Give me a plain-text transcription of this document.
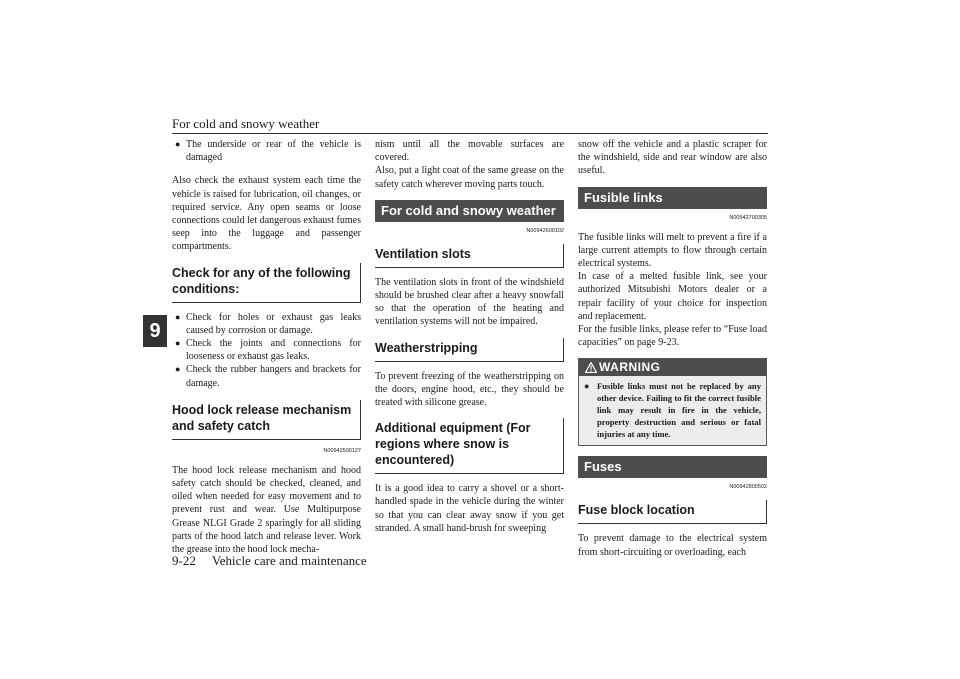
For cold and snowy weather
9
● The underside or rear of the vehicle is damaged

Also check the exhaust system each time the vehicle is raised for lubrication, oil changes, or required service. Any open seams or loose connections could let dangerous exhaust fumes seep into the luggage and passenger compartments.

Check for any of the following conditions:
● Check for holes or exhaust gas leaks caused by corrosion or damage.
● Check the joints and connections for looseness or exhaust gas leaks.
● Check the rubber hangers and brackets for damage.
Hood lock release mechanism and safety catch
N00942500127

The hood lock release mechanism and hood safety catch should be checked, cleaned, and oiled when needed for easy movement and to prevent rust and wear. Use Multipurpose Grease NLGI Grade 2 sparingly for all sliding parts of the hood latch and release lever. Work the grease into the hood lock mecha-

nism until all the movable surfaces are covered.

Also, put a light coat of the same grease on the safety catch wherever moving parts touch.

For cold and snowy weather
N00942600102
Ventilation slots

The ventilation slots in front of the windshield should be brushed clear after a heavy snowfall so that the operation of the heating and ventilation systems will not be impaired.

Weatherstripping

To prevent freezing of the weatherstripping on the doors, engine hood, etc., they should be treated with silicone grease.

Additional equipment (For regions where snow is encountered)

It is a good idea to carry a shovel or a short-handled spade in the vehicle during the winter so that you can clear away snow if you get stranded. A small hand-brush for sweeping

snow off the vehicle and a plastic scraper for the windshield, side and rear window are also useful.

Fusible links
N00942700305

The fusible links will melt to prevent a fire if a large current attempts to flow through certain electrical systems.

In case of a melted fusible link, see your authorized Mitsubishi Motors dealer or a repair facility of your choice for inspection and replacement.

For the fusible links, please refer to “Fuse load capacities” on page 9-23.

WARNING
● Fusible links must not be replaced by any other device. Failing to fit the correct fusible link may result in fire in the vehicle, property destruction and serious or fatal injuries at any time.
Fuses
N00942800502
Fuse block location

To prevent damage to the electrical system from short-circuiting or overloading, each

9-22 Vehicle care and maintenance
